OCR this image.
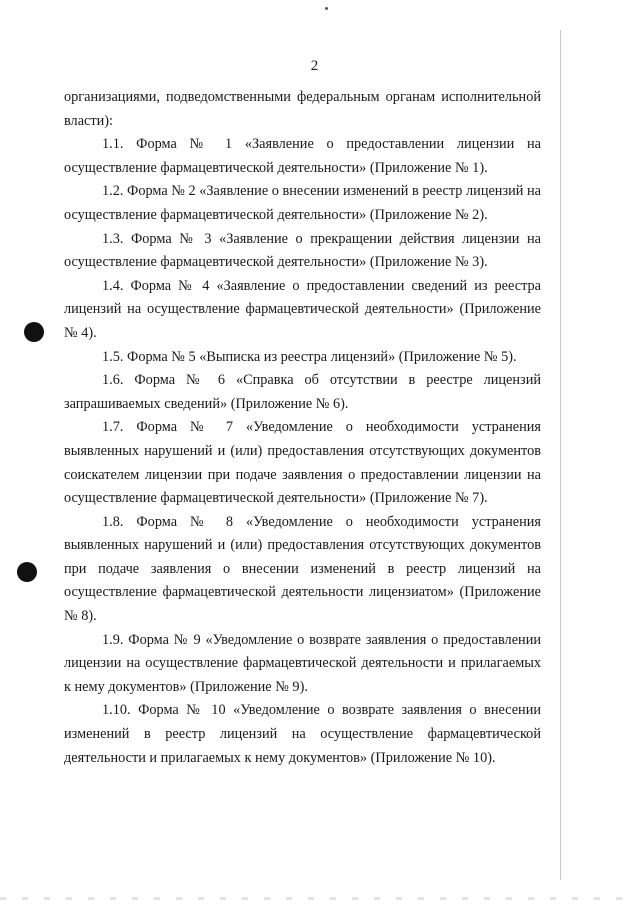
2

организациями, подведомственными федеральным органам исполнительной власти):

1.1. Форма № 1 «Заявление о предоставлении лицензии на осуществление фармацевтической деятельности» (Приложение № 1).

1.2. Форма № 2 «Заявление о внесении изменений в реестр лицензий на осуществление фармацевтической деятельности» (Приложение № 2).

1.3. Форма № 3 «Заявление о прекращении действия лицензии на осуществление фармацевтической деятельности» (Приложение № 3).

1.4. Форма № 4 «Заявление о предоставлении сведений из реестра лицензий на осуществление фармацевтической деятельности» (Приложение № 4).

1.5. Форма № 5 «Выписка из реестра лицензий» (Приложение № 5).

1.6. Форма № 6 «Справка об отсутствии в реестре лицензий запрашиваемых сведений» (Приложение № 6).

1.7. Форма № 7 «Уведомление о необходимости устранения выявленных нарушений и (или) предоставления отсутствующих документов соискателем лицензии при подаче заявления о предоставлении лицензии на осуществление фармацевтической деятельности» (Приложение № 7).

1.8. Форма № 8 «Уведомление о необходимости устранения выявленных нарушений и (или) предоставления отсутствующих документов при подаче заявления о внесении изменений в реестр лицензий на осуществление фармацевтической деятельности лицензиатом» (Приложение № 8).

1.9. Форма № 9 «Уведомление о возврате заявления о предоставлении лицензии на осуществление фармацевтической деятельности и прилагаемых к нему документов» (Приложение № 9).

1.10. Форма № 10 «Уведомление о возврате заявления о внесении изменений в реестр лицензий на осуществление фармацевтической деятельности и прилагаемых к нему документов» (Приложение № 10).
